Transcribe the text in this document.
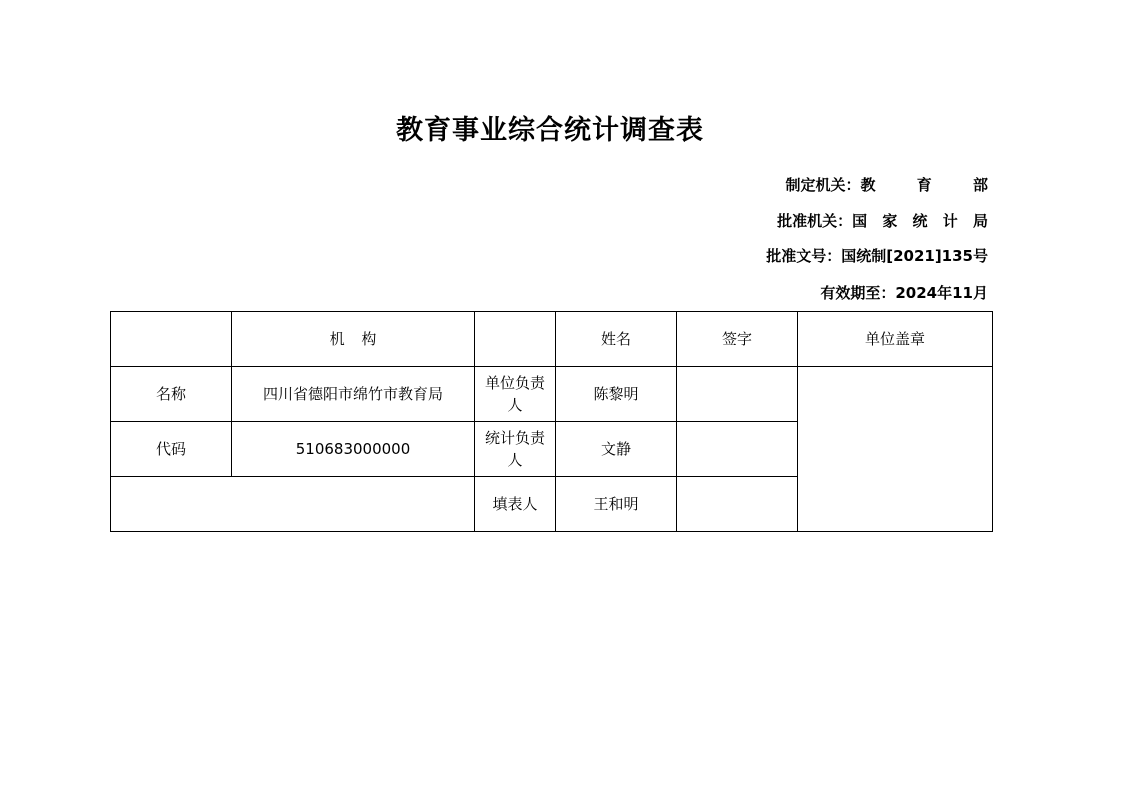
教育事业综合统计调查表
制定机关：教 育 部
批准机关：国 家 统 计 局
批准文号：国统制[2021]135号
有效期至：2024年11月
	机 构		姓名	签字	单位盖章
名称	四川省德阳市绵竹市教育局	单位负责人	陈黎明		
代码	510683000000	统计负责人	文静		
		填表人	王和明		
